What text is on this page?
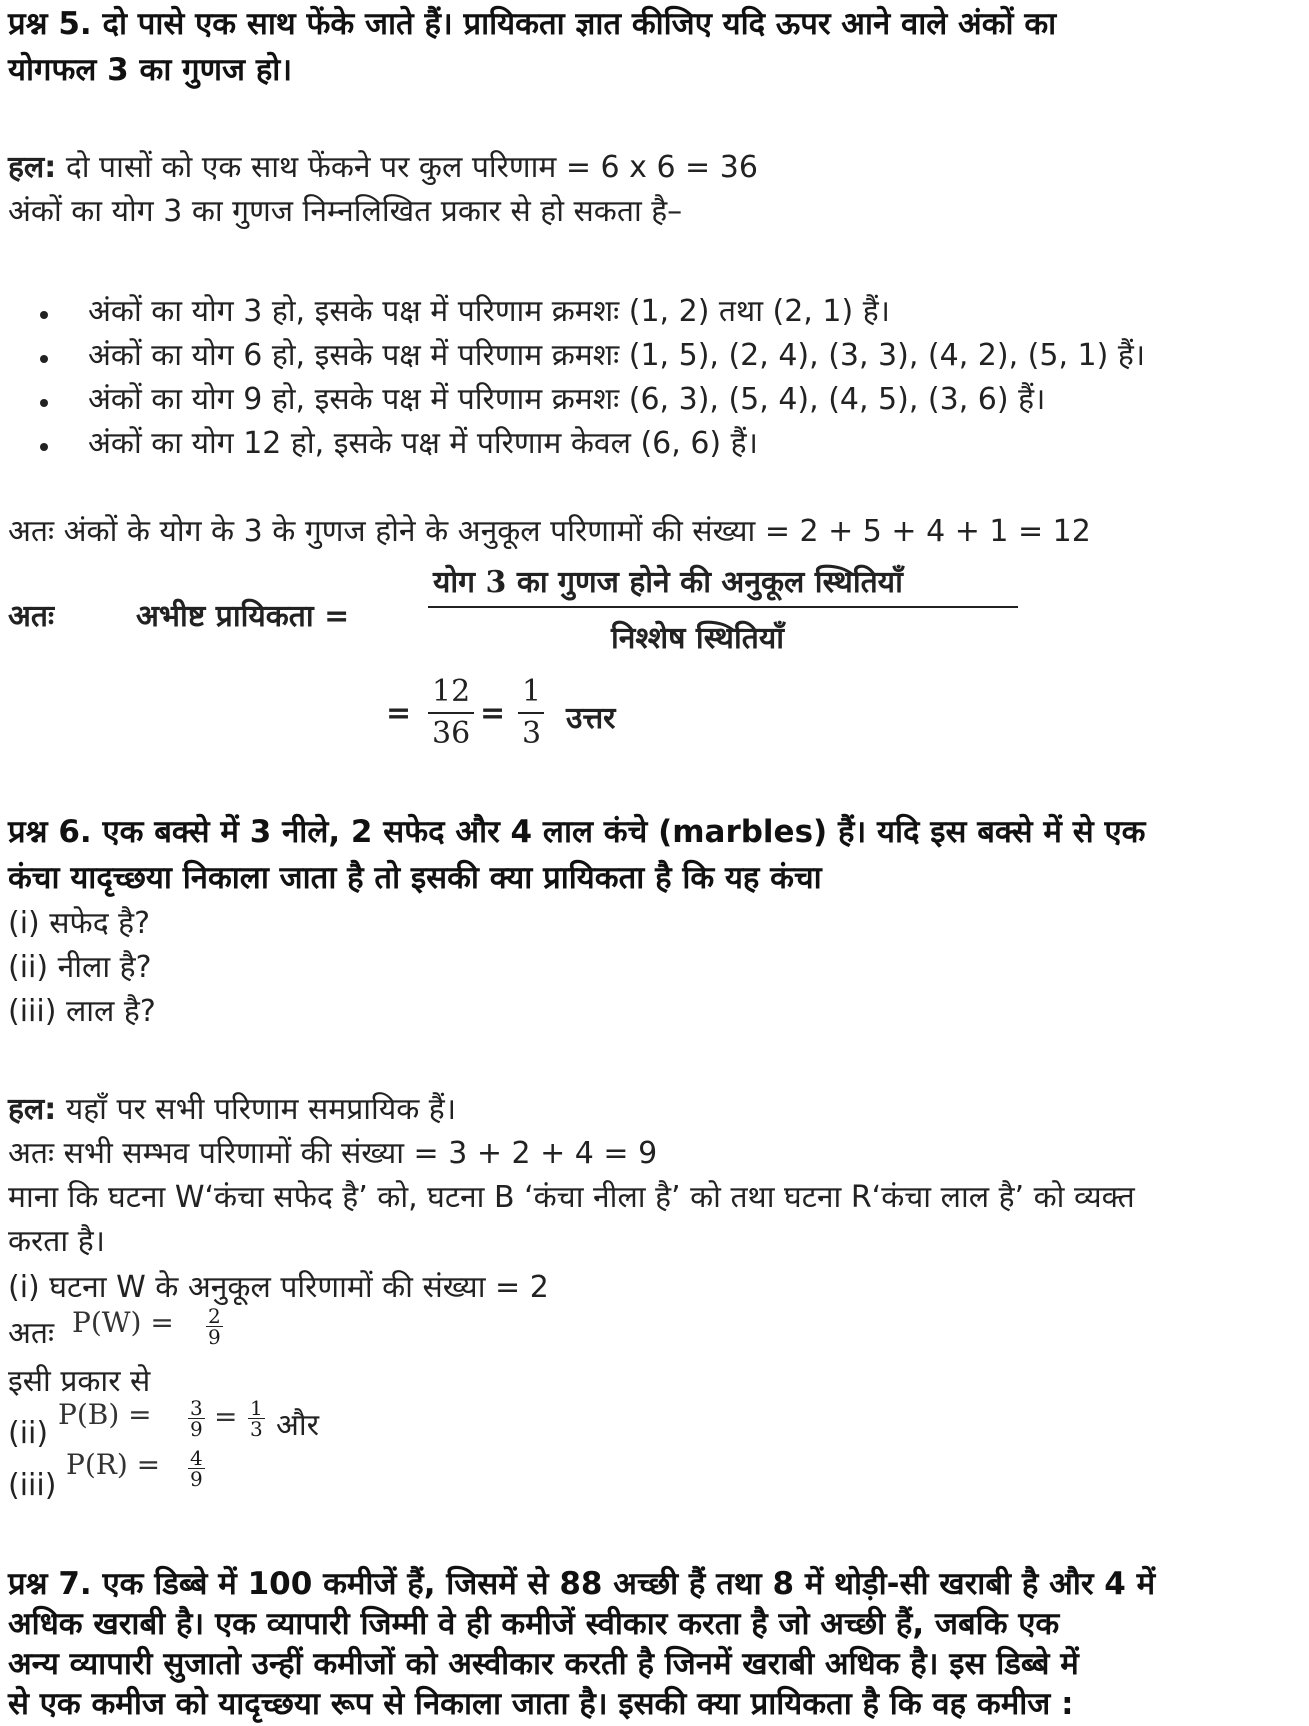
प्रश्न 5. दो पासे एक साथ फेंके जाते हैं। प्रायिकता ज्ञात कीजिए यदि ऊपर आने वाले अंकों का
योगफल 3 का गुणज हो।
हल: दो पासों को एक साथ फेंकने पर कुल परिणाम = 6 x 6 = 36
अंकों का योग 3 का गुणज निम्नलिखित प्रकार से हो सकता है–
अंकों का योग 3 हो, इसके पक्ष में परिणाम क्रमशः (1, 2) तथा (2, 1) हैं।
अंकों का योग 6 हो, इसके पक्ष में परिणाम क्रमशः (1, 5), (2, 4), (3, 3), (4, 2), (5, 1) हैं।
अंकों का योग 9 हो, इसके पक्ष में परिणाम क्रमशः (6, 3), (5, 4), (4, 5), (3, 6) हैं।
अंकों का योग 12 हो, इसके पक्ष में परिणाम केवल (6, 6) हैं।
अतः अंकों के योग के 3 के गुणज होने के अनुकूल परिणामों की संख्या = 2 + 5 + 4 + 1 = 12
अतः	अभीष्ट प्रायिकता =
योग 3 का गुणज होने की अनुकूल स्थितियाँ
निश्शेष स्थितियाँ
=
12
36
=
1
3 उत्तर
प्रश्न 6. एक बक्से में 3 नीले, 2 सफेद और 4 लाल कंचे (marbles) हैं। यदि इस बक्से में से एक
कंचा यादृच्छया निकाला जाता है तो इसकी क्या प्रायिकता है कि यह कंचा
(i) सफेद है?
(ii) नीला है?
(iii) लाल है?
हल: यहाँ पर सभी परिणाम समप्रायिक हैं।
अतः सभी सम्भव परिणामों की संख्या = 3 + 2 + 4 = 9
माना कि घटना W‘कंचा सफेद है’ को, घटना B ‘कंचा नीला है’ को तथा घटना R‘कंचा लाल है’ को व्यक्त
करता है।
(i) घटना W के अनुकूल परिणामों की संख्या = 2
अतः $P(W) = \frac{2}{9}$
इसी प्रकार से
(ii)
$P(B) = \frac{3}{9} = \frac{1}{3}$ और
(iii)
$P(R) = \frac{4}{9}$
प्रश्न 7. एक डिब्बे में 100 कमीजें हैं, जिसमें से 88 अच्छी हैं तथा 8 में थोड़ी-सी खराबी है और 4 में
अधिक खराबी है। एक व्यापारी जिम्मी वे ही कमीजें स्वीकार करता है जो अच्छी हैं, जबकि एक
अन्य व्यापारी सुजातो उन्हीं कमीजों को अस्वीकार करती है जिनमें खराबी अधिक है। इस डिब्बे में
से एक कमीज को यादृच्छया रूप से निकाला जाता है। इसकी क्या प्रायिकता है कि वह कमीज :
